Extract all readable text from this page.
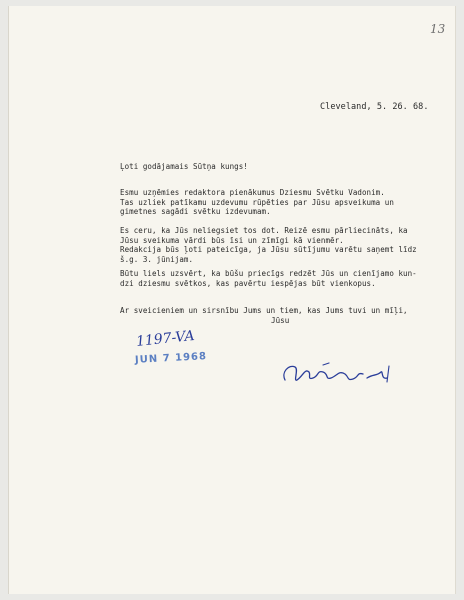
13
Cleveland, 5. 26. 68.
Ļoti godājamais Sūtņa kungs!
Esmu uzņēmies redaktora pienākumus Dziesmu Svētku Vadonim.
Tas uzliek patīkamu uzdevumu rūpēties par Jūsu apsveikuma un
gimetnes sagādi svētku izdevumam.
Es ceru, ka Jūs neliegsiet tos dot. Reizē esmu pārliecināts, ka
Jūsu sveikuma vārdi būs īsi un zīmīgi kā vienmēr.
Redakcija būs ļoti pateicīga, ja Jūsu sūtījumu varētu saņemt līdz
š.g. 3. jūnijam.
Būtu liels uzsvērt, ka būšu priecīgs redzēt Jūs un cienījamo kun-
dzi dziesmu svētkos, kas pavērtu iespējas būt vienkopus.
Ar sveicieniem un sirsnību Jums un tiem, kas Jums tuvi un mīļi,
Jūsu
1197-VA
JUN 7 1968
